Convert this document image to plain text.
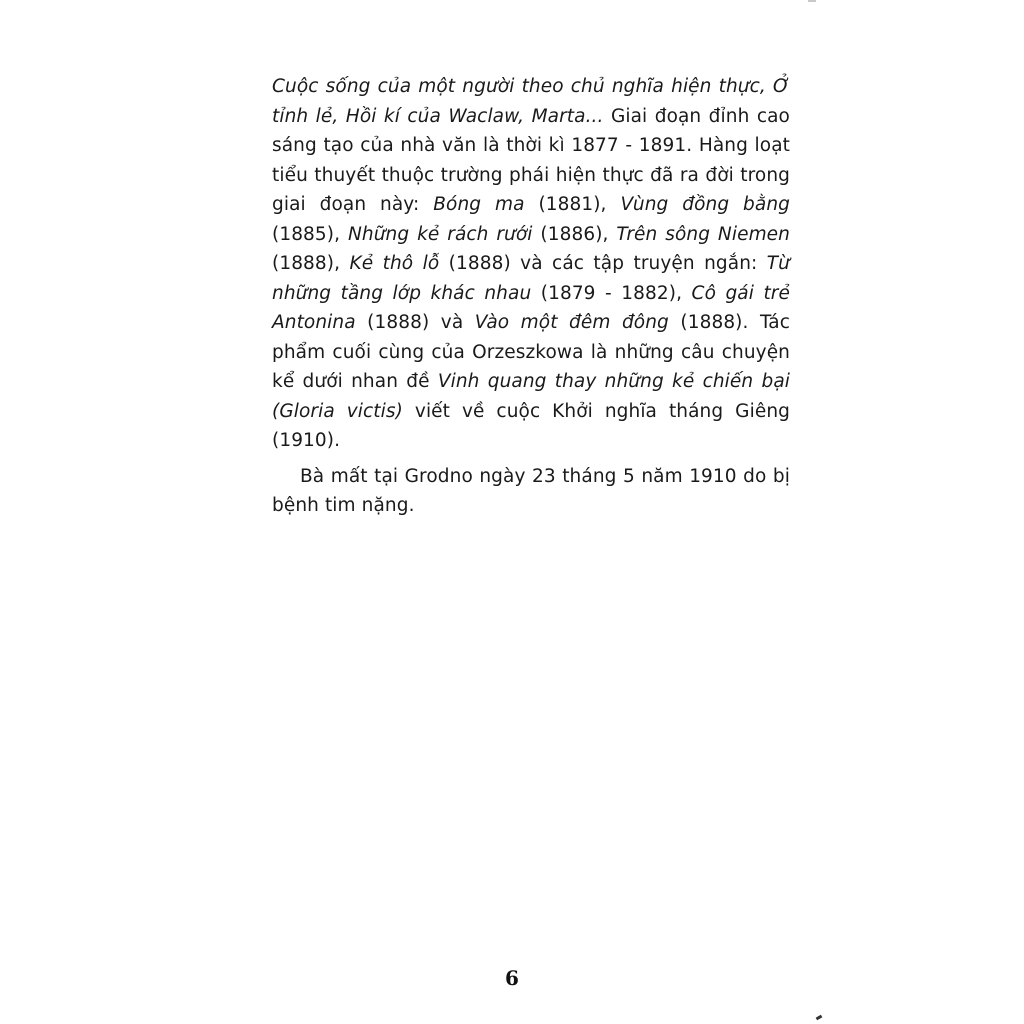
Cuộc sống của một người theo chủ nghĩa hiện thực, Ở tỉnh lẻ, Hồi kí của Waclaw, Marta... Giai đoạn đỉnh cao sáng tạo của nhà văn là thời kì 1877 - 1891. Hàng loạt tiểu thuyết thuộc trường phái hiện thực đã ra đời trong giai đoạn này: Bóng ma (1881), Vùng đồng bằng (1885), Những kẻ rách rưới (1886), Trên sông Niemen (1888), Kẻ thô lỗ (1888) và các tập truyện ngắn: Từ những tầng lớp khác nhau (1879 - 1882), Cô gái trẻ Antonina (1888) và Vào một đêm đông (1888). Tác phẩm cuối cùng của Orzeszkowa là những câu chuyện kể dưới nhan đề Vinh quang thay những kẻ chiến bại (Gloria victis) viết về cuộc Khởi nghĩa tháng Giêng (1910).

Bà mất tại Grodno ngày 23 tháng 5 năm 1910 do bị bệnh tim nặng.

6
